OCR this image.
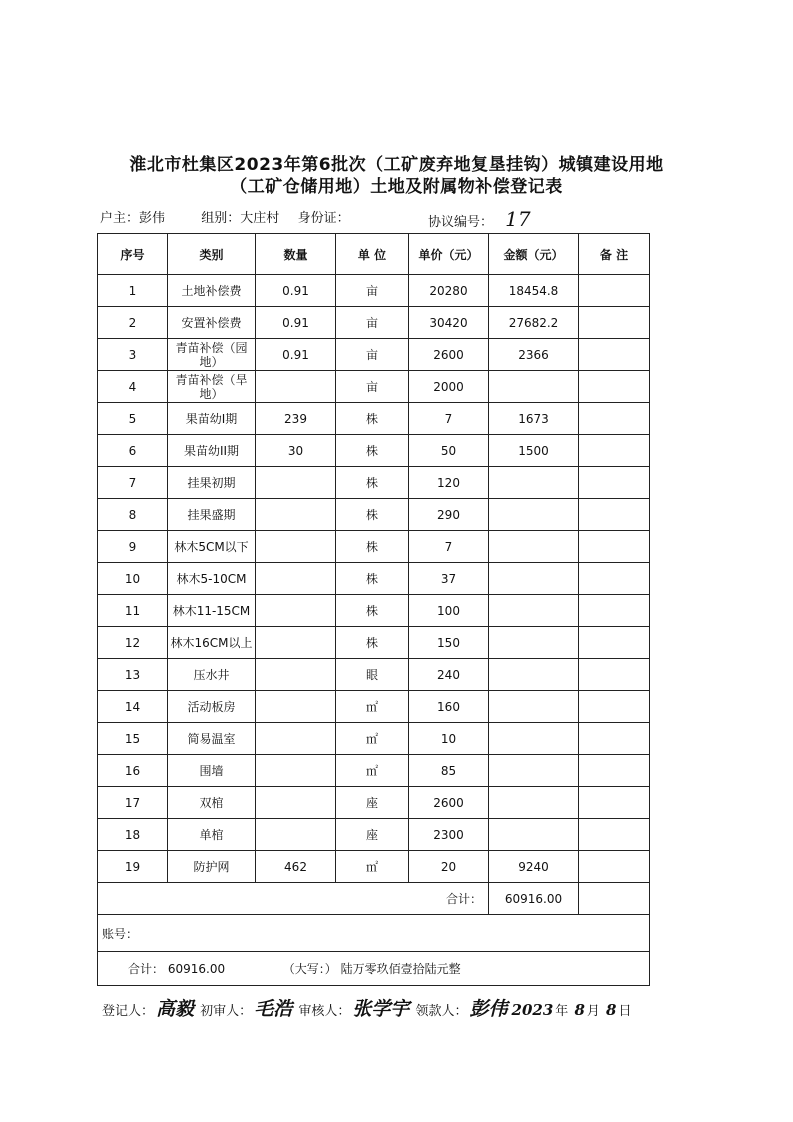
淮北市杜集区2023年第6批次（工矿废弃地复垦挂钩）城镇建设用地
（工矿仓储用地）土地及附属物补偿登记表
户主：彭伟	组别：大庄村 身份证：	协议编号： 17
序号	类别	数量	单 位	单价（元）	金额（元）	备 注
1	土地补偿费	0.91	亩	20280	18454.8	
2	安置补偿费	0.91	亩	30420	27682.2	
3	青苗补偿（园地）	0.91	亩	2600	2366	
4	青苗补偿（旱地）		亩	2000		
5	果苗幼I期	239	株	7	1673	
6	果苗幼II期	30	株	50	1500	
7	挂果初期		株	120		
8	挂果盛期		株	290		
9	林木5CM以下		株	7		
10	林木5-10CM		株	37		
11	林木11-15CM		株	100		
12	林木16CM以上		株	150		
13	压水井		眼	240		
14	活动板房		㎡	160		
15	简易温室		㎡	10		
16	围墙		㎡	85		
17	双棺		座	2600		
18	单棺		座	2300		
19	防护网	462	㎡	20	9240	
合计：					60916.00	
账号：						
合计： 60916.00 （大写：） 陆万零玖佰壹拾陆元整						
登记人： 高毅 初审人： 毛浩 审核人： 张学宇 领款人： 彭伟 2023 年 8 月 8 日
